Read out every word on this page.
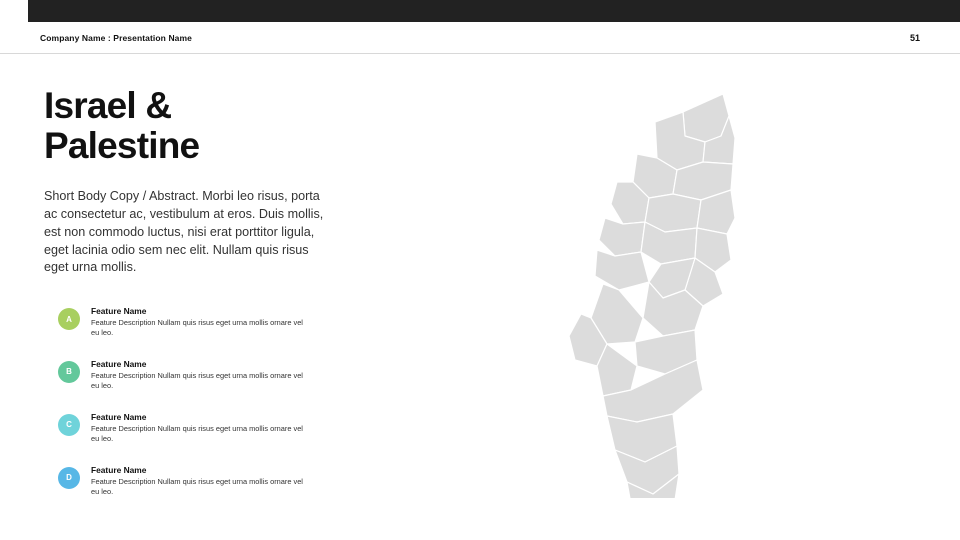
Company Name : Presentation Name	51
Israel & Palestine

Short Body Copy / Abstract. Morbi leo risus, porta ac consectetur ac, vestibulum at eros. Duis mollis, est non commodo luctus, nisi erat porttitor ligula, eget lacinia odio sem nec elit. Nullam quis risus eget urna mollis.

A
Feature Name
Feature Description Nullam quis risus eget urna mollis ornare vel eu leo.
B
Feature Name
Feature Description Nullam quis risus eget urna mollis ornare vel eu leo.
C
Feature Name
Feature Description Nullam quis risus eget urna mollis ornare vel eu leo.
D
Feature Name
Feature Description Nullam quis risus eget urna mollis ornare vel eu leo.
